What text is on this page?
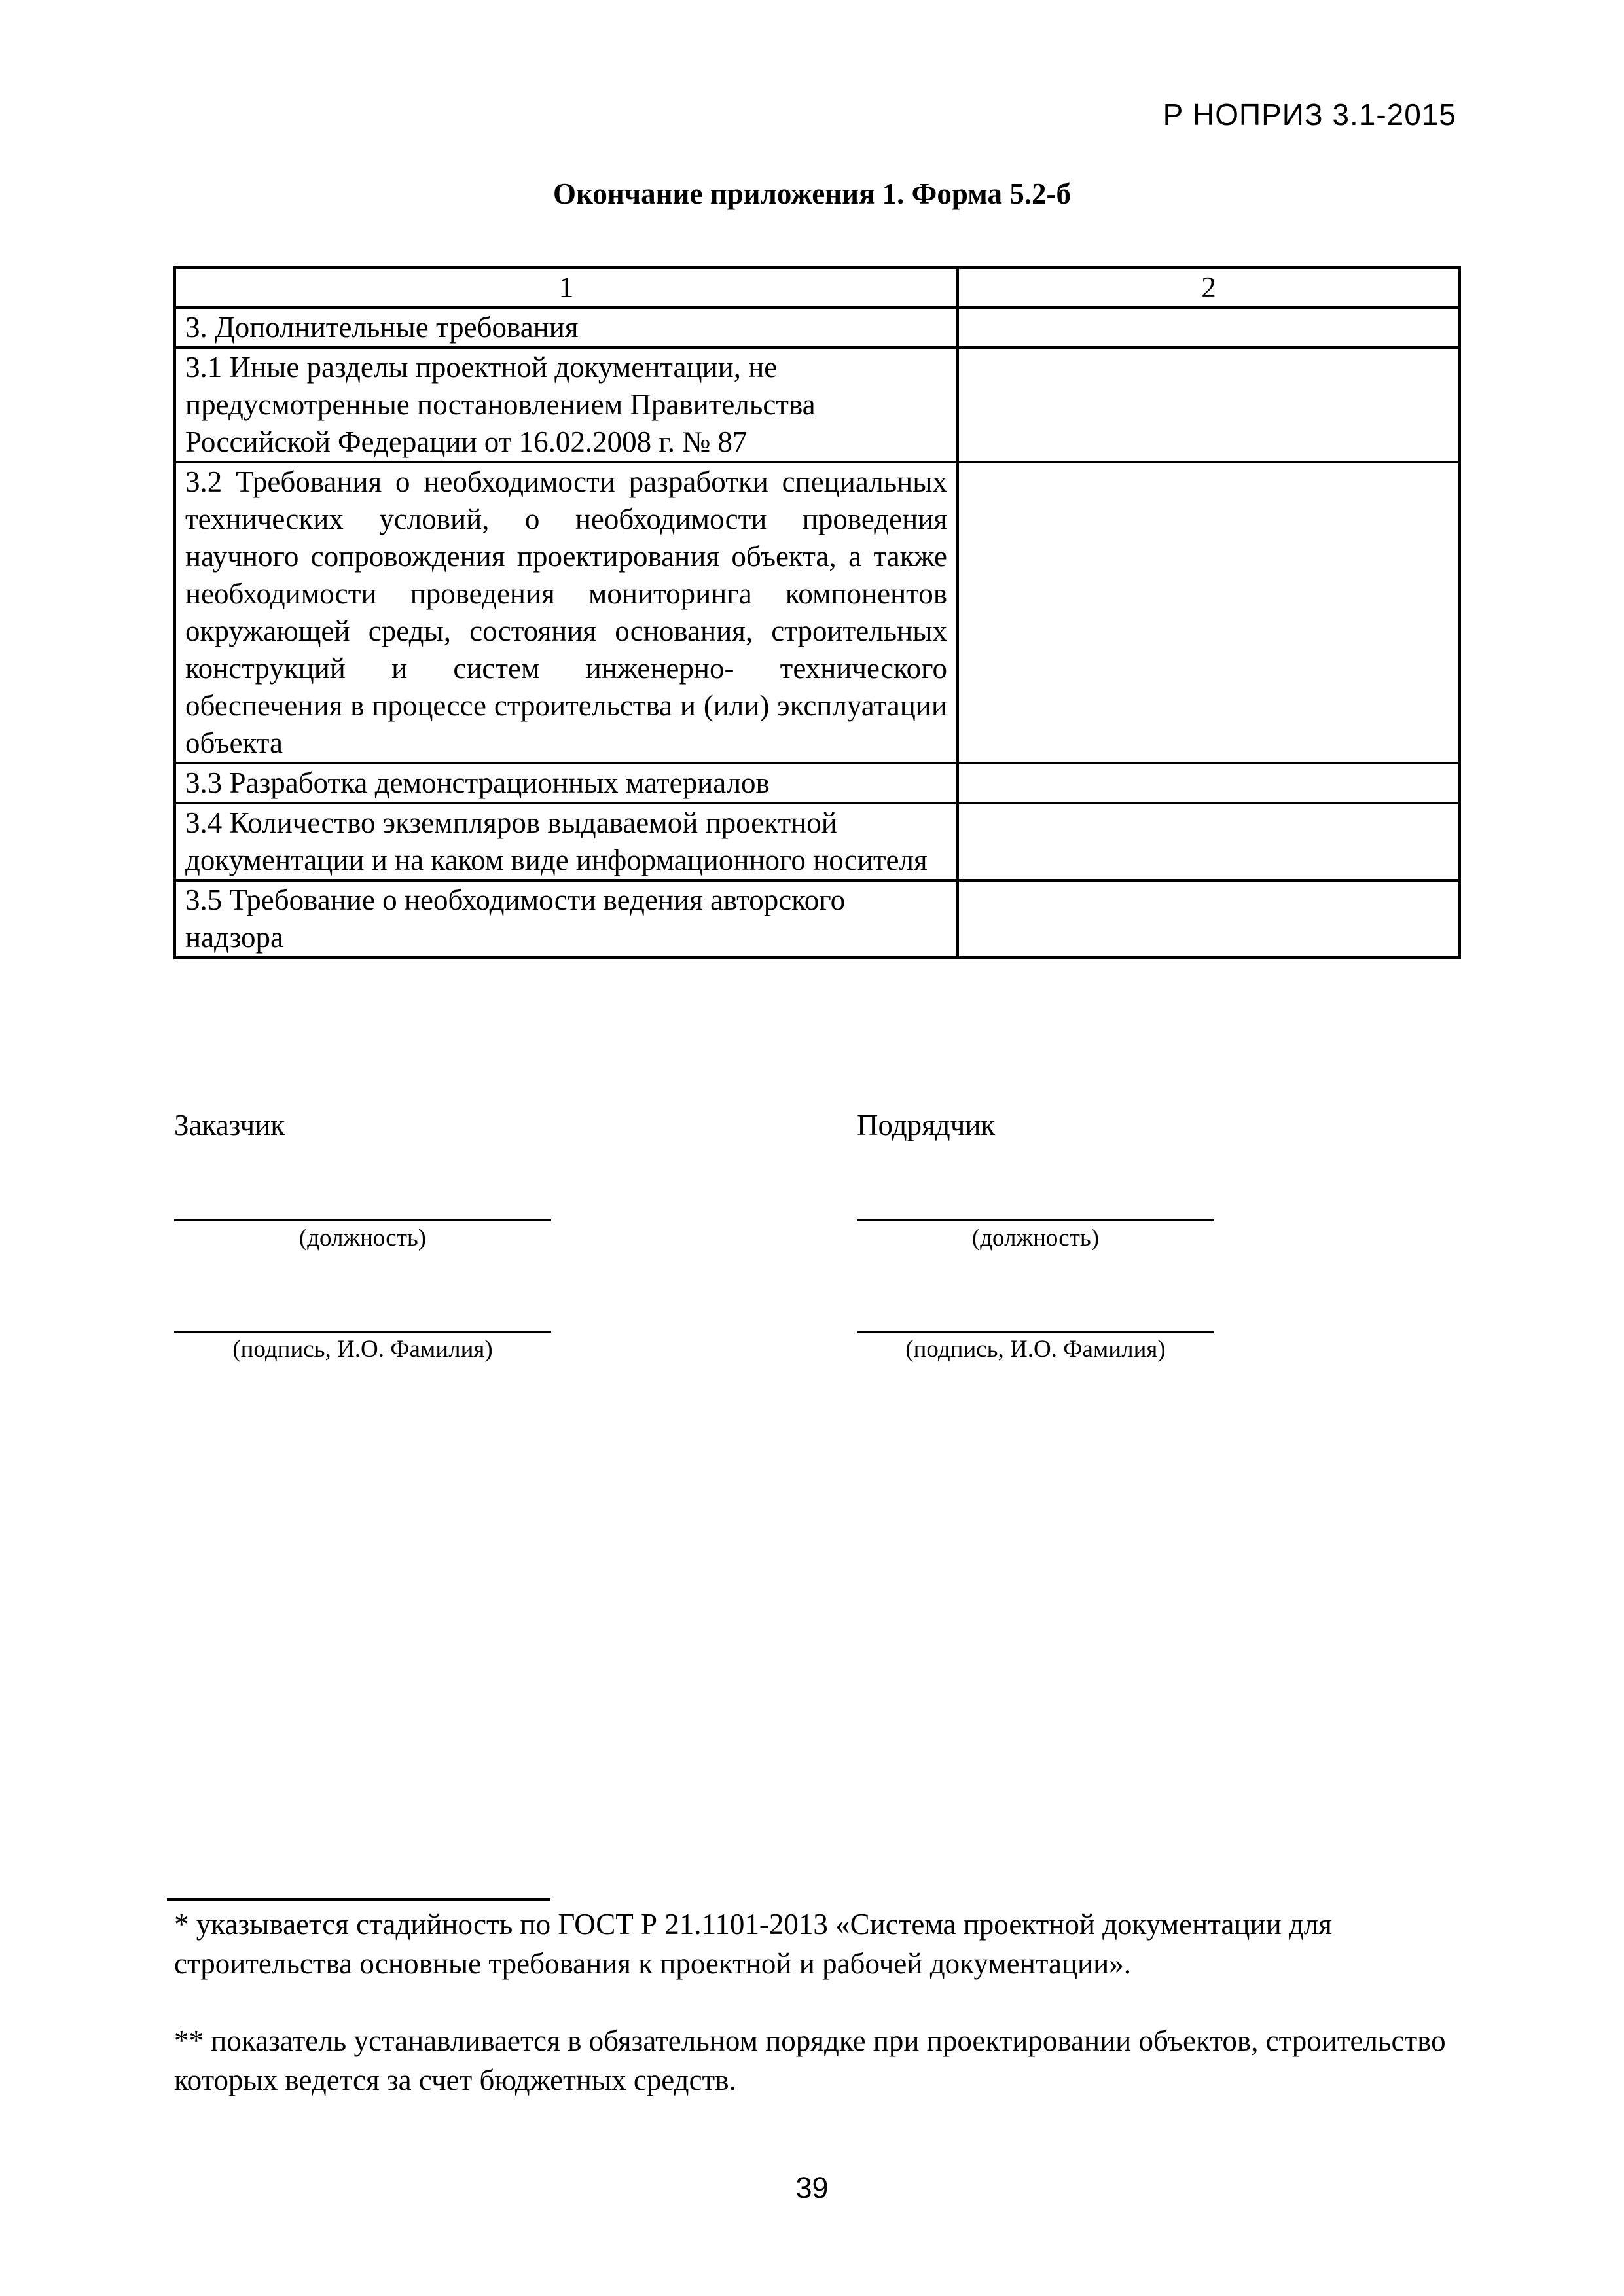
Р НОПРИЗ 3.1-2015

Окончание приложения 1. Форма 5.2-б

1	2
3. Дополнительные требования	
3.1 Иные разделы проектной документации, не предусмотренные постановлением Правительства Российской Федерации от 16.02.2008 г. № 87	
3.2 Требования о необходимости разработки специальных технических условий, о необходимости проведения научного сопровождения проектирования объекта, а также необходимости проведения мониторинга компонентов окружающей среды, состояния основания, строительных конструкций и систем инженерно- технического обеспечения в процессе строительства и (или) эксплуатации объекта	
3.3 Разработка демонстрационных материалов	
3.4 Количество экземпляров выдаваемой проектной документации и на каком виде информационного носителя	
3.5 Требование о необходимости ведения авторского надзора	

Заказчик

(должность)

(подпись, И.О. Фамилия)

Подрядчик

(должность)

(подпись, И.О. Фамилия)

* указывается стадийность по ГОСТ Р 21.1101-2013 «Система проектной документации для строительства основные требования к проектной и рабочей документации».

** показатель устанавливается в обязательном порядке при проектировании объектов, строительство которых ведется за счет бюджетных средств.

39
